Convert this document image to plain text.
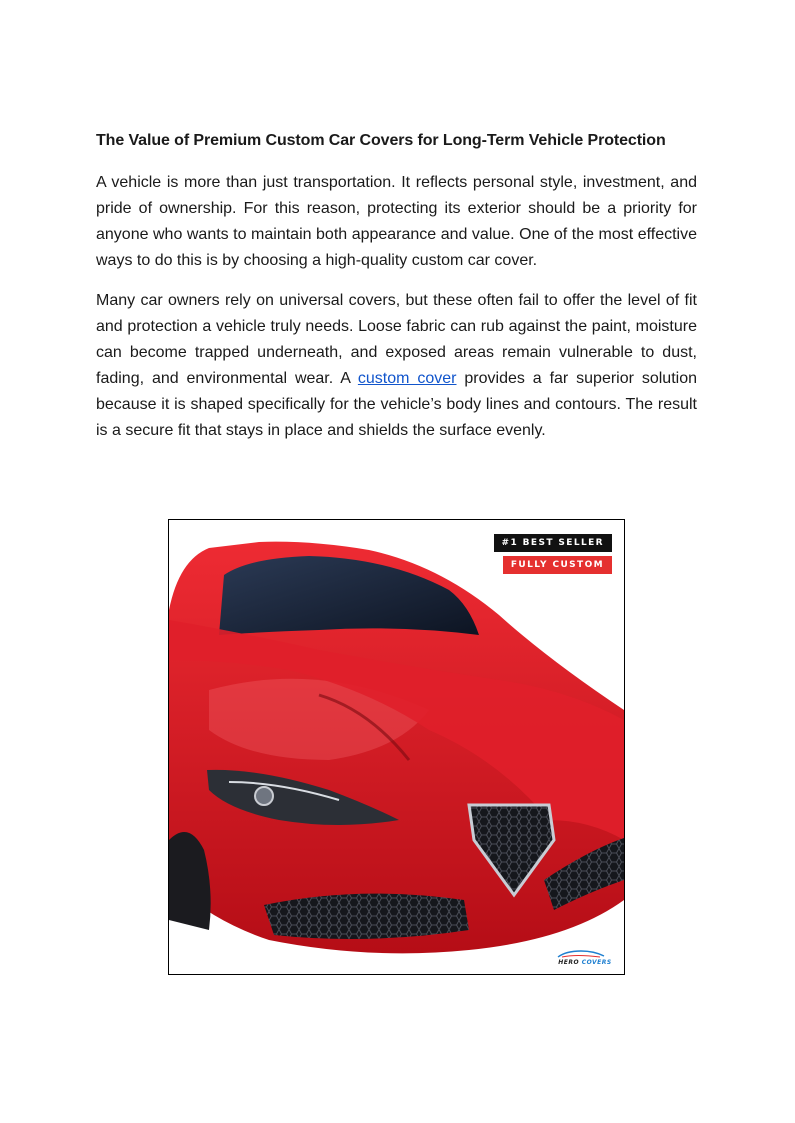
The Value of Premium Custom Car Covers for Long-Term Vehicle Protection

A vehicle is more than just transportation. It reflects personal style, investment, and pride of ownership. For this reason, protecting its exterior should be a priority for anyone who wants to maintain both appearance and value. One of the most effective ways to do this is by choosing a high-quality custom car cover.

Many car owners rely on universal covers, but these often fail to offer the level of fit and protection a vehicle truly needs. Loose fabric can rub against the paint, moisture can become trapped underneath, and exposed areas remain vulnerable to dust, fading, and environmental wear. A custom cover provides a far superior solution because it is shaped specifically for the vehicle’s body lines and contours. The result is a secure fit that stays in place and shields the surface evenly.

#1 BEST SELLER
FULLY CUSTOM
HERO COVERS
